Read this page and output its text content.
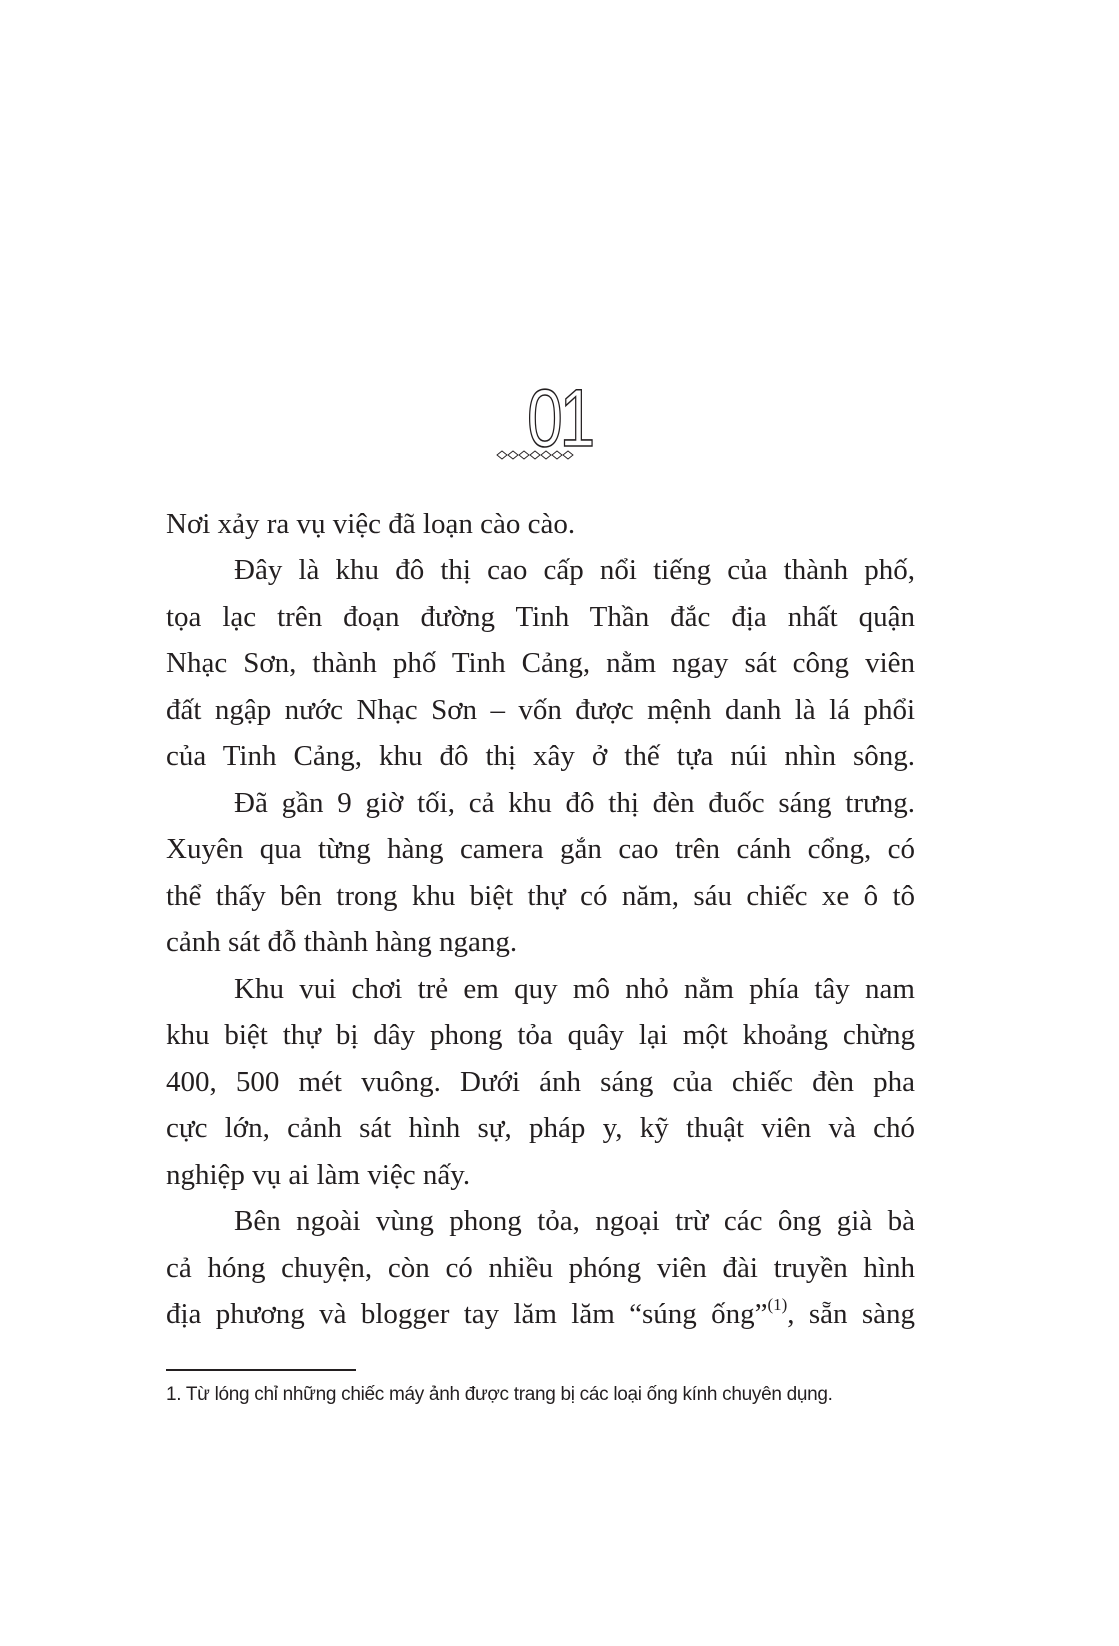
01
Nơi xảy ra vụ việc đã loạn cào cào.
Đây là khu đô thị cao cấp nổi tiếng của thành phố,
tọa lạc trên đoạn đường Tinh Thần đắc địa nhất quận
Nhạc Sơn, thành phố Tinh Cảng, nằm ngay sát công viên
đất ngập nước Nhạc Sơn – vốn được mệnh danh là lá phổi
của Tinh Cảng, khu đô thị xây ở thế tựa núi nhìn sông.
Đã gần 9 giờ tối, cả khu đô thị đèn đuốc sáng trưng.
Xuyên qua từng hàng camera gắn cao trên cánh cổng, có
thể thấy bên trong khu biệt thự có năm, sáu chiếc xe ô tô
cảnh sát đỗ thành hàng ngang.
Khu vui chơi trẻ em quy mô nhỏ nằm phía tây nam
khu biệt thự bị dây phong tỏa quây lại một khoảng chừng
400, 500 mét vuông. Dưới ánh sáng của chiếc đèn pha
cực lớn, cảnh sát hình sự, pháp y, kỹ thuật viên và chó
nghiệp vụ ai làm việc nấy.
Bên ngoài vùng phong tỏa, ngoại trừ các ông già bà
cả hóng chuyện, còn có nhiều phóng viên đài truyền hình
địa phương và blogger tay lăm lăm “súng ống”$^{(1)}$, sẵn sàng
1. Từ lóng chỉ những chiếc máy ảnh được trang bị các loại ống kính chuyên dụng.
